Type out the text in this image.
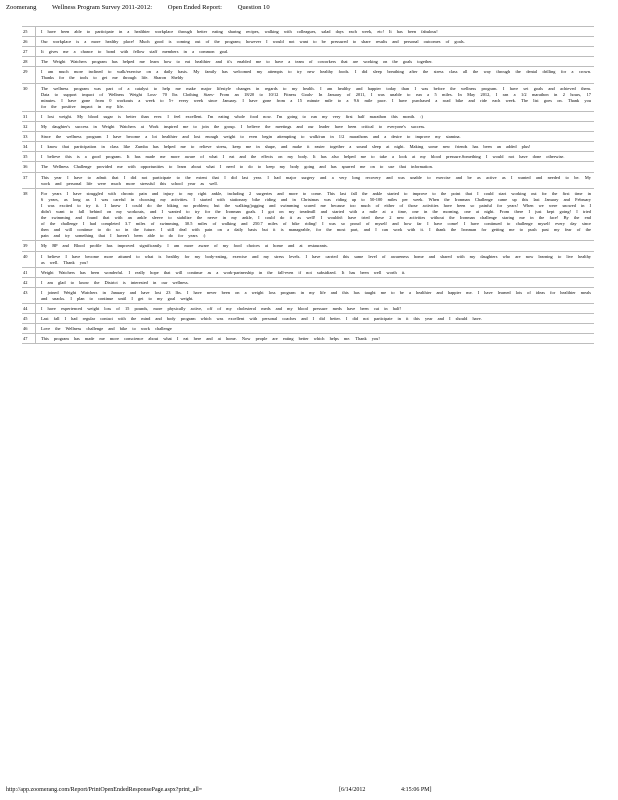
Zoomerang Wellness Program Survey 2011-2012: Open Ended Report: Question 10
25	I have been able to participate in a healthier workplace through better eating sharing recipes, walking with colleagues, salad days each week, etc! It has been fabulous!
26	Our workplace is a more healthy place! Much good is coming out of the program; however I would not want to be pressured to share results and personal outcomes of goals.
27	It gives me a chance to bond with fellow staff members in a common goal.
28	The Weight Watchers program has helped me learn how to eat healthier and it's enabled me to have a team of coworkers that are working on the goals together.
29	I am much more inclined to walk/exercise on a daily basis. My family has welcomed my attempts to try new healthy foods. I did sleep breathing after the stress class all the way through the dental drilling for a crown. Thanks for the tools to get me through life. Sharon Sheldy
30	The wellness program was part of a catalyst to help me make major lifestyle changes in regards to my health. I am healthy and happier today than I was before the wellness program. I have set goals and achieved them. Data to support impact of Wellness Weight Loss- 70 lbs Clothing Sizes- From an 18/20 to 10/12 Fitness Goals- In January of 2011, I was unable to run a 5 miles. In May 2012, I ran a 1/2 marathon in 2 hours, 17 minutes. I have gone from 0 workouts a week to 5+ every week since January. I have gone from a 15 minute mile to a 9.6 mile pace. I have purchased a road bike and ride each week. The list goes on. Thank you for the positive impact in my life.
31	I lost weight. My blood sugar is better than ever. I feel excellent. I'm eating whole food now. I'm going to run my very first half marathon this month. :)
32	My daughter's success in Weight Watchers at Work inspired me to join the group. I believe the meetings and our leader have been critical to everyone's success.
33	Since the wellness program I have become a lot healthier and lost enough weight to even begin attempting to walk/run in 1/2 marathons and a desire to improve my stamina.
34	I know that participation in class like Zumba has helped me to relieve stress, keep me in shape, and make it easier together a sound sleep at night. Making some new friends has been an added plus!
35	I believe this is a good program. It has made me more aware of what I eat and the effects on my body. It has also helped me to take a look at my blood pressure.Something I would not have done otherwise.
36	The Wellness Challenge provided me with opportunities to learn about what I need to do to keep my body going and has spurred me on to use that information.
37	This year I have to admit that I did not participate to the extent that I did last year. I had major surgery and a very long recovery and was unable to exercise and be as active as I wanted and needed to be. My work and personal life were much more stressful this school year as well.
38	For years I have struggled with chronic pain and injury to my right ankle, including 2 surgeries and more to come. This last fall the ankle started to improve to the point that I could start working out for the first time in 6 years, as long as I was careful in choosing my activities. I started with stationary bike riding and in Christmas was riding up to 50-100 miles per week. When the Ironman Challenge came up this last January and February I was excited to try it. I knew I could do the biking no problem; but the walking/jogging and swimming scared me because too much of either of those activities have been so painful for years! When we were snowed in I didn't want to fall behind on my workouts, and I wanted to try for the Ironman goals. I got on my treadmill and started with a mile at a time, one in the morning, one at night. From there I just kept going! I tried the swimming and found that with an ankle sleeve to stabilize the nerve in my ankle, I could do it as well! I wouldn't have tried these 2 new activities without the Ironman challenge staring me in the face! By the end of the challenge I had completed 3.7 miles of swimming, 30.5 miles of walking and 250.7 miles of bike riding! I was so proud of myself and how far I have come! I have continued to challenge myself every day since then and will continue to do so in the future. I still deal with pain on a daily basis but it is manageable, for the most part, and I can work with it. I thank the Ironman for getting me to push past my fear of the pain and try something that I haven't been able to do for years :)
39	My BP and Blood profile has improved significantly. I am more aware of my food choices at home and at restaurants.
40	I believe I have become more attuned to what is healthy for my body-eating, exercise and my stress levels. I have carried this same level of awareness home and shared with my daughters who are now learning to live healthy as well. Thank you!
41	Weight Watchers has been wonderful. I really hope that will continue as a work-partnership in the fall-even if not subsidized. It has been well worth it.
42	I am glad to know the District is interested in our wellness.
43	I joined Weight Watchers in January and have lost 23 lbs. I have never been on a weight loss program in my life and this has taught me to be a healthier and happier me. I have learned lots of ideas for healthier meals and snacks. I plan to continue until I get to my goal weight.
44	I have experienced weight loss of 15 pounds, more physically active, off of my cholesterol meds and my blood pressure meds have been cut in half!
45	Last fall I had regular contact with the mind and body program which was excellent with personal coaches and I did better. I did not participate in it this year and I should have.
46	Love the Wellness challenge and bike to work challenge
47	This program has made me more conscience about what I eat here and at home. Now people are eating better which helps me. Thank you!
http://app.zoomerang.com/Report/PrintOpenEndedResponsePage.aspx?print_all=	[6/14/2012	4:15:06 PM]
